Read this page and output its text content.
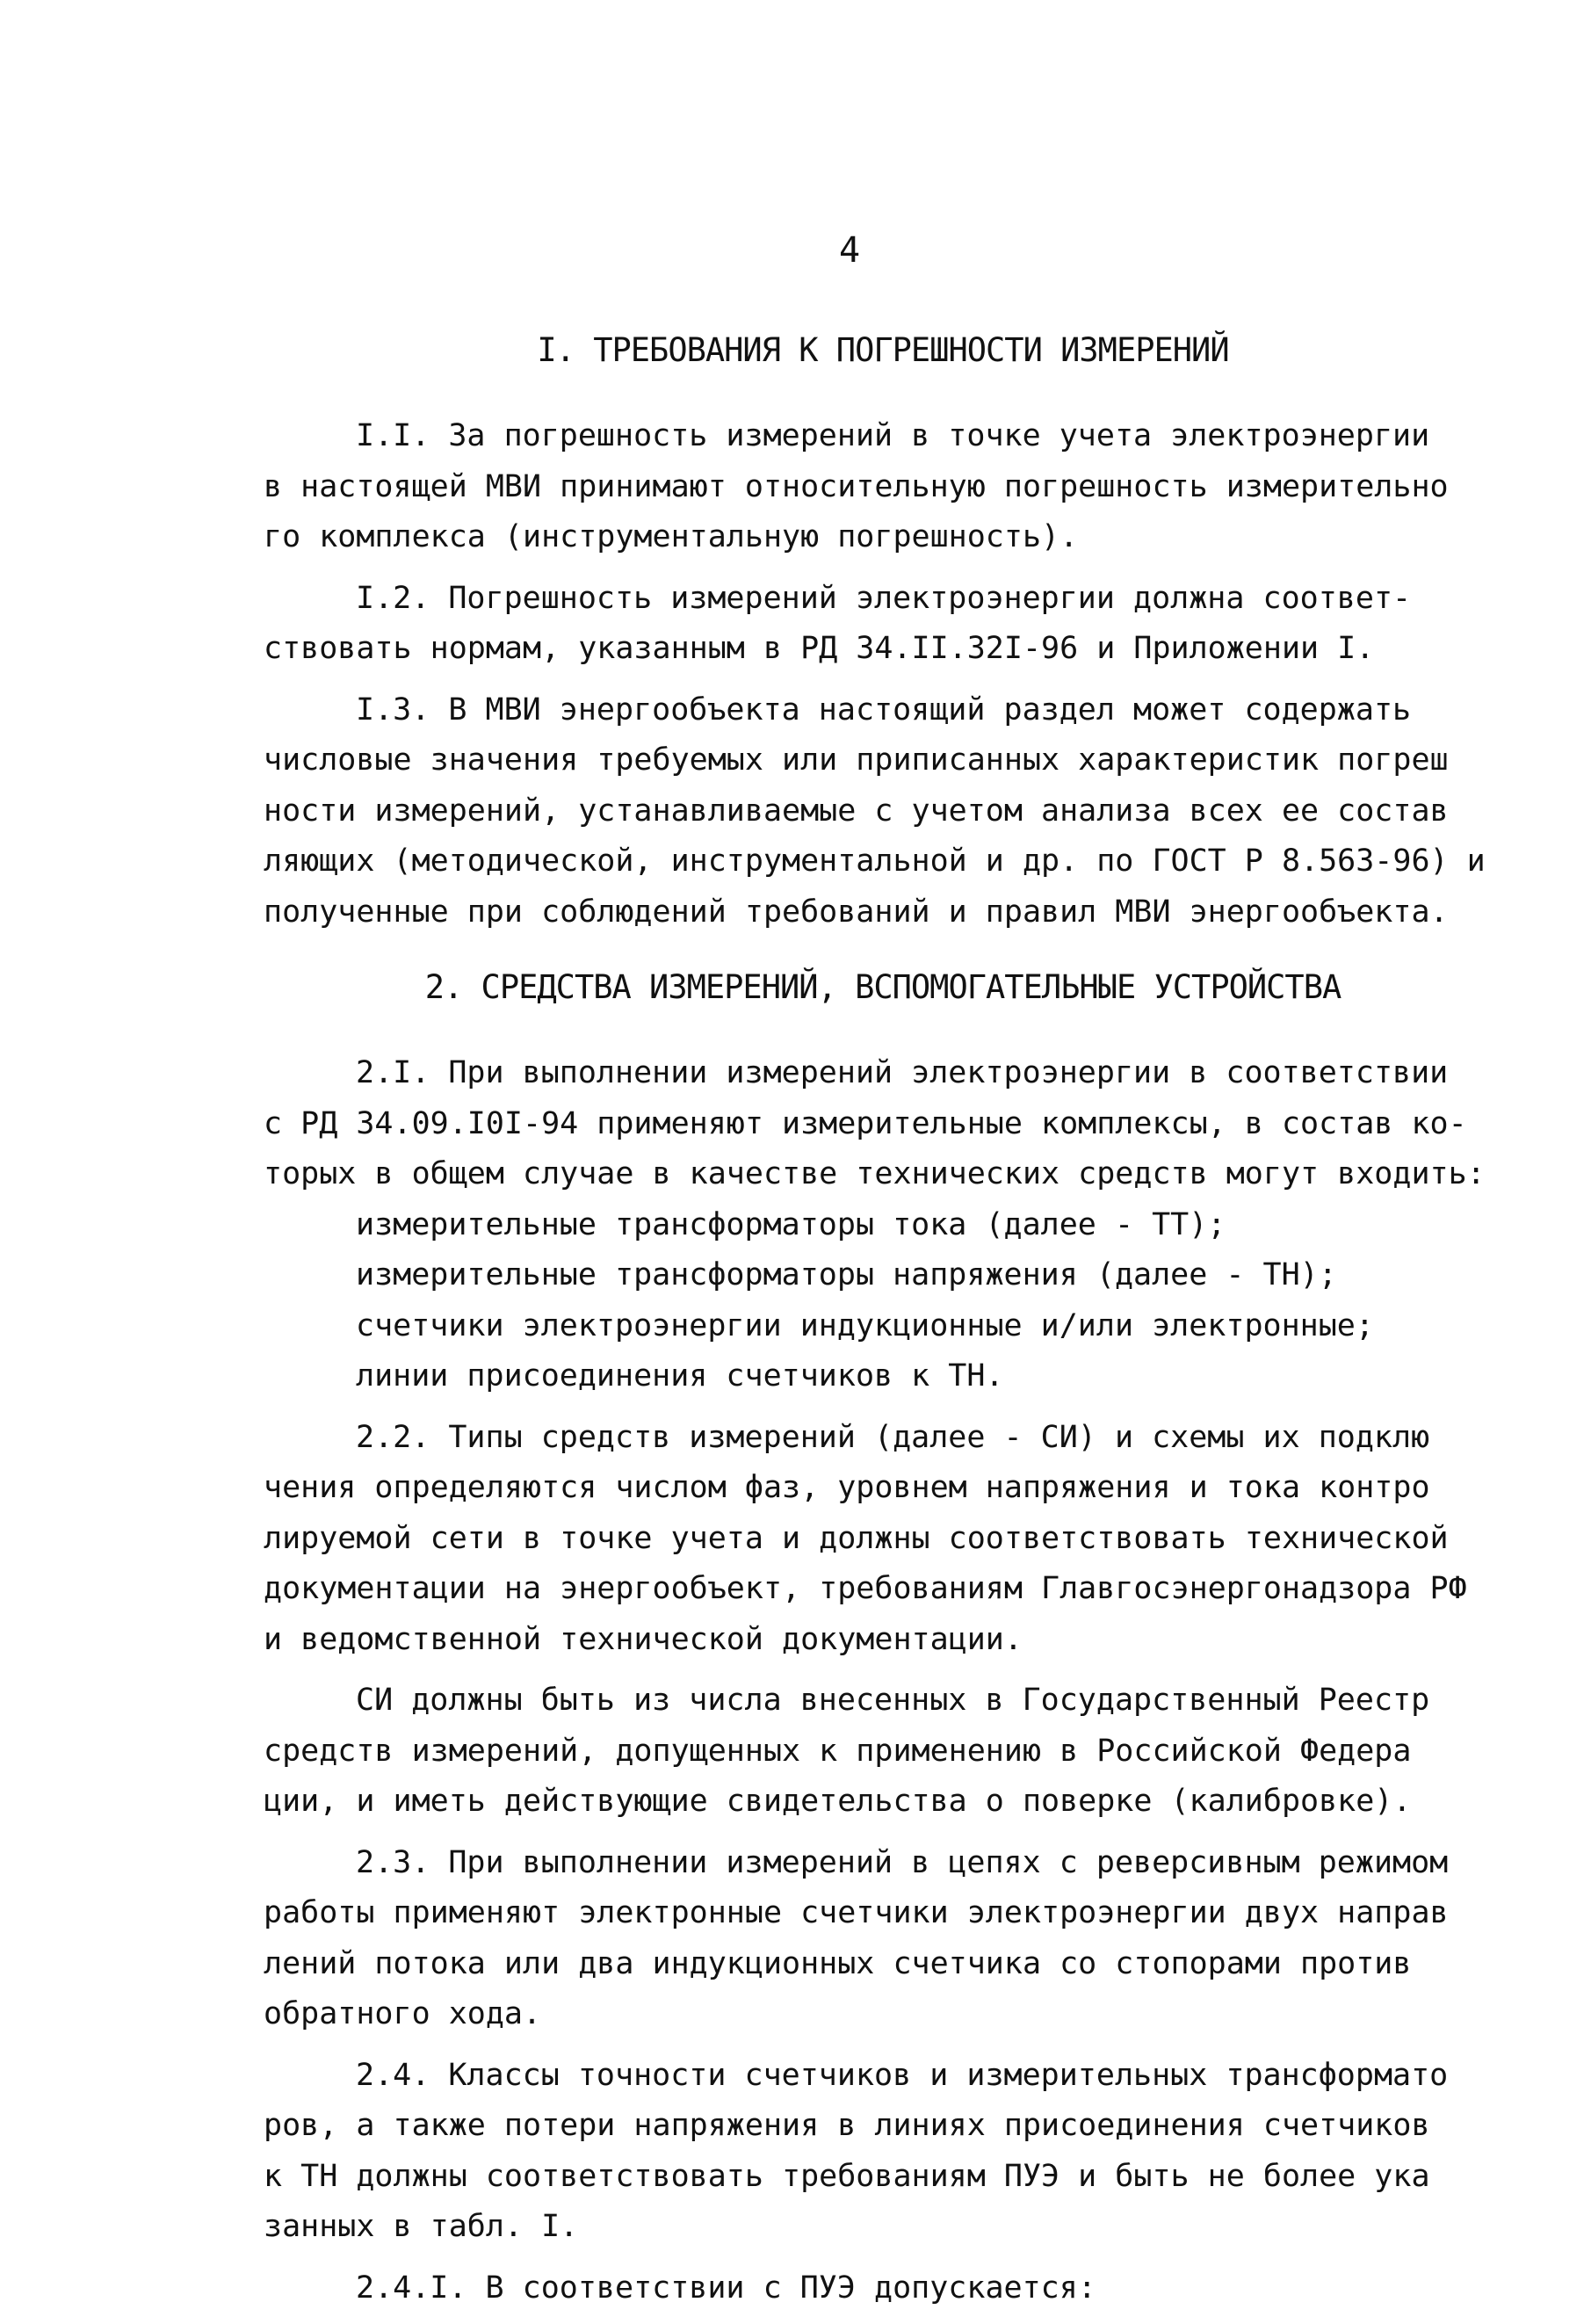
4
I. ТРЕБОВАНИЯ К ПОГРЕШНОСТИ ИЗМЕРЕНИЙ
I.I. За погрешность измерений в точке учета электроэнергии
в настоящей МВИ принимают относительную погрешность измерительно
го комплекса (инструментальную погрешность).
I.2. Погрешность измерений электроэнергии должна соответ-
ствовать нормам, указанным в РД 34.II.32I-96 и Приложении I.
I.3. В МВИ энергообъекта настоящий раздел может содержать
числовые значения требуемых или приписанных характеристик погреш
ности измерений, устанавливаемые с учетом анализа всех ее состав
ляющих (методической, инструментальной и др. по ГОСТ Р 8.563-96) и
полученные при соблюдений требований и правил МВИ энергообъекта.
2. СРЕДСТВА ИЗМЕРЕНИЙ, ВСПОМОГАТЕЛЬНЫЕ УСТРОЙСТВА
2.I. При выполнении измерений электроэнергии в соответствии
с РД 34.09.I0I-94 применяют измерительные комплексы, в состав ко-
торых в общем случае в качестве технических средств могут входить:
измерительные трансформаторы тока (далее - ТТ);
измерительные трансформаторы напряжения (далее - ТН);
счетчики электроэнергии индукционные и/или электронные;
линии присоединения счетчиков к ТН.
2.2. Типы средств измерений (далее - СИ) и схемы их подклю
чения определяются числом фаз, уровнем напряжения и тока контро
лируемой сети в точке учета и должны соответствовать технической
документации на энергообъект, требованиям Главгосэнергонадзора РФ
и ведомственной технической документации.
СИ должны быть из числа внесенных в Государственный Реестр
средств измерений, допущенных к применению в Российской Федера
ции, и иметь действующие свидетельства о поверке (калибровке).
2.3. При выполнении измерений в цепях с реверсивным режимом
работы применяют электронные счетчики электроэнергии двух направ
лений потока или два индукционных счетчика со стопорами против
обратного хода.
2.4. Классы точности счетчиков и измерительных трансформато
ров, а также потери напряжения в линиях присоединения счетчиков
к ТН должны соответствовать требованиям ПУЭ и быть не более ука
занных в табл. I.
2.4.I. В соответствии с ПУЭ допускается:
